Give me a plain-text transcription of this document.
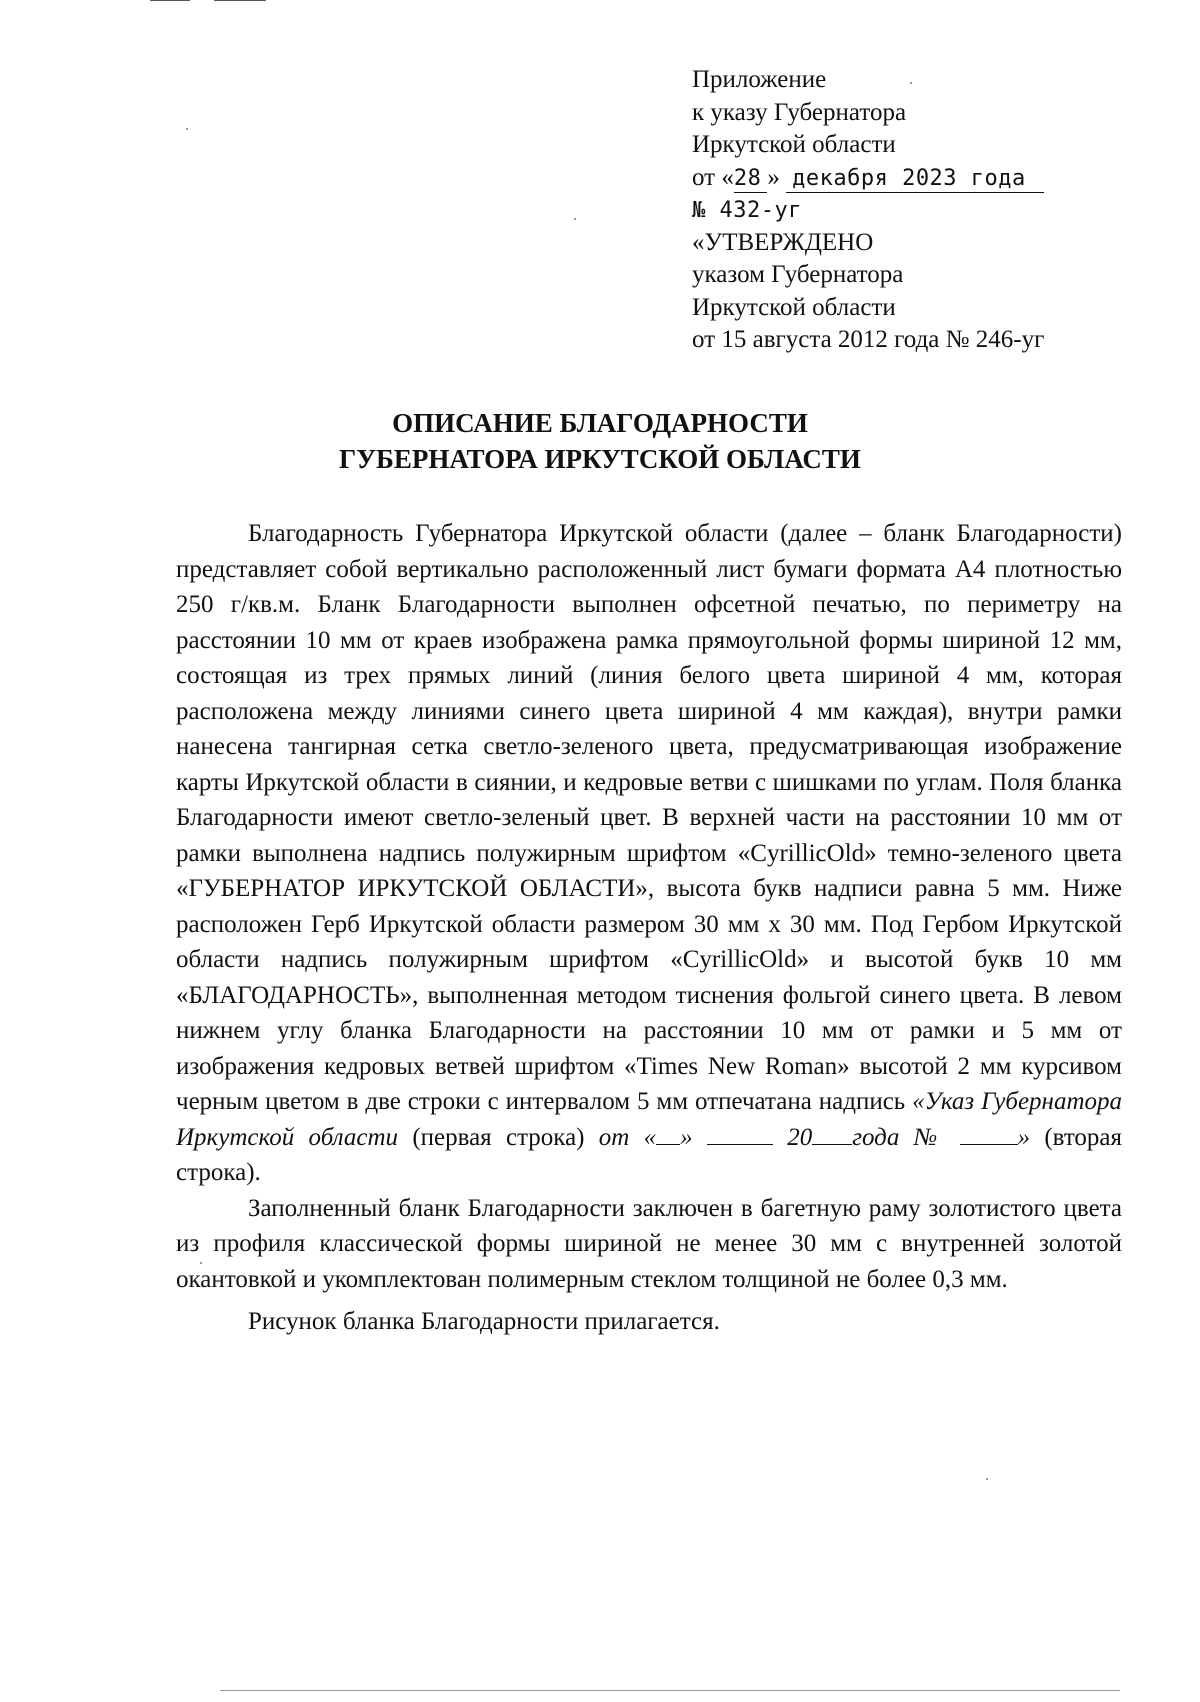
Приложение
к указу Губернатора
Иркутской области
от «28 » декабря 2023 года
№ 432-уг
«УТВЕРЖДЕНО
указом Губернатора
Иркутской области
от 15 августа 2012 года № 246-уг
ОПИСАНИЕ БЛАГОДАРНОСТИ
ГУБЕРНАТОРА ИРКУТСКОЙ ОБЛАСТИ

Благодарность Губернатора Иркутской области (далее – бланк Благодарности) представляет собой вертикально расположенный лист бумаги формата А4 плотностью 250 г/кв.м. Бланк Благодарности выполнен офсетной печатью, по периметру на расстоянии 10 мм от краев изображена рамка прямоугольной формы шириной 12 мм, состоящая из трех прямых линий (линия белого цвета шириной 4 мм, которая расположена между линиями синего цвета шириной 4 мм каждая), внутри рамки нанесена тангирная сетка светло-зеленого цвета, предусматривающая изображение карты Иркутской области в сиянии, и кедровые ветви с шишками по углам. Поля бланка Благодарности имеют светло-зеленый цвет. В верхней части на расстоянии 10 мм от рамки выполнена надпись полужирным шрифтом «CyrillicOld» темно-зеленого цвета «ГУБЕРНАТОР ИРКУТСКОЙ ОБЛАСТИ», высота букв надписи равна 5 мм. Ниже расположен Герб Иркутской области размером 30 мм x 30 мм. Под Гербом Иркутской области надпись полужирным шрифтом «CyrillicOld» и высотой букв 10 мм «БЛАГОДАРНОСТЬ», выполненная методом тиснения фольгой синего цвета. В левом нижнем углу бланка Благодарности на расстоянии 10 мм от рамки и 5 мм от изображения кедровых ветвей шрифтом «Times New Roman» высотой 2 мм курсивом черным цветом в две строки с интервалом 5 мм отпечатана надпись «Указ Губернатора Иркутской области (первая строка) от « »	20 года №	» (вторая строка).

Заполненный бланк Благодарности заключен в багетную раму золотистого цвета из профиля классической формы шириной не менее 30 мм с внутренней золотой окантовкой и укомплектован полимерным стеклом толщиной не более 0,3 мм.

Рисунок бланка Благодарности прилагается.
